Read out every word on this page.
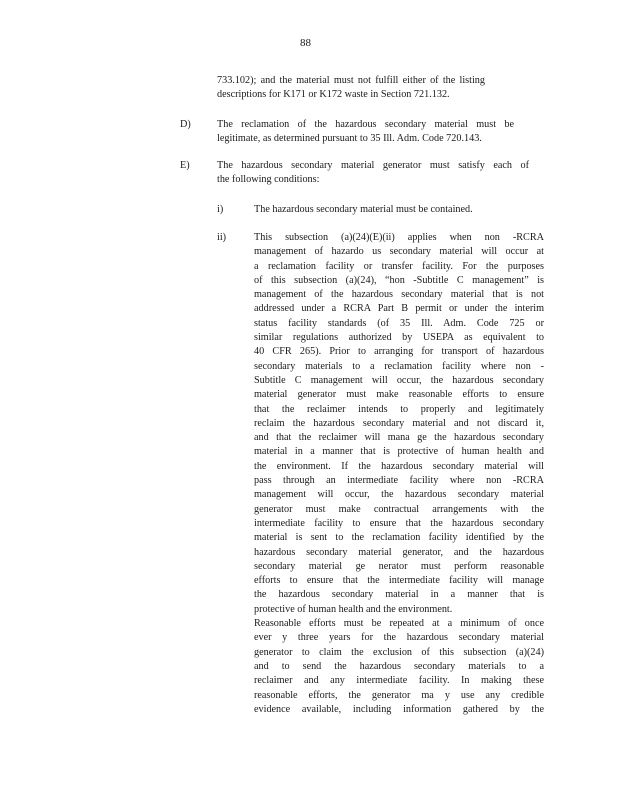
88
733.102); and the material must not fulfill either of the listing
descriptions for K171 or K172 waste in Section 721.132.
D)	The reclamation of the hazardous secondary material must be
legitimate, as determined pursuant to 35 Ill. Adm. Code 720.143.
E)	The hazardous secondary material generator must satisfy each of
the following conditions:
i)	The hazardous secondary material must be contained.
ii)	This subsection (a)(24)(E)(ii) applies when non -RCRA
management of hazardo us secondary material will occur at
a reclamation facility or transfer facility. For the purposes
of this subsection (a)(24), “hon -Subtitle C management” is
management of the hazardous secondary material that is not
addressed under a RCRA Part B permit or under the interim
status facility standards (of 35 Ill. Adm. Code 725 or
similar regulations authorized by USEPA as equivalent to
40 CFR 265). Prior to arranging for transport of hazardous
secondary materials to a reclamation facility where non -
Subtitle C management will occur, the hazardous secondary
material generator must make reasonable efforts to ensure
that the reclaimer intends to properly and legitimately
reclaim the hazardous secondary material and not discard it,
and that the reclaimer will mana ge the hazardous secondary
material in a manner that is protective of human health and
the environment. If the hazardous secondary material will
pass through an intermediate facility where non -RCRA
management will occur, the hazardous secondary material
generator must make contractual arrangements with the
intermediate facility to ensure that the hazardous secondary
material is sent to the reclamation facility identified by the
hazardous secondary material generator, and the hazardous
secondary material ge nerator must perform reasonable
efforts to ensure that the intermediate facility will manage
the hazardous secondary material in a manner that is
protective of human health and the environment.
Reasonable efforts must be repeated at a minimum of once
ever y three years for the hazardous secondary material
generator to claim the exclusion of this subsection (a)(24)
and to send the hazardous secondary materials to a
reclaimer and any intermediate facility. In making these
reasonable efforts, the generator ma y use any credible
evidence available, including information gathered by the
